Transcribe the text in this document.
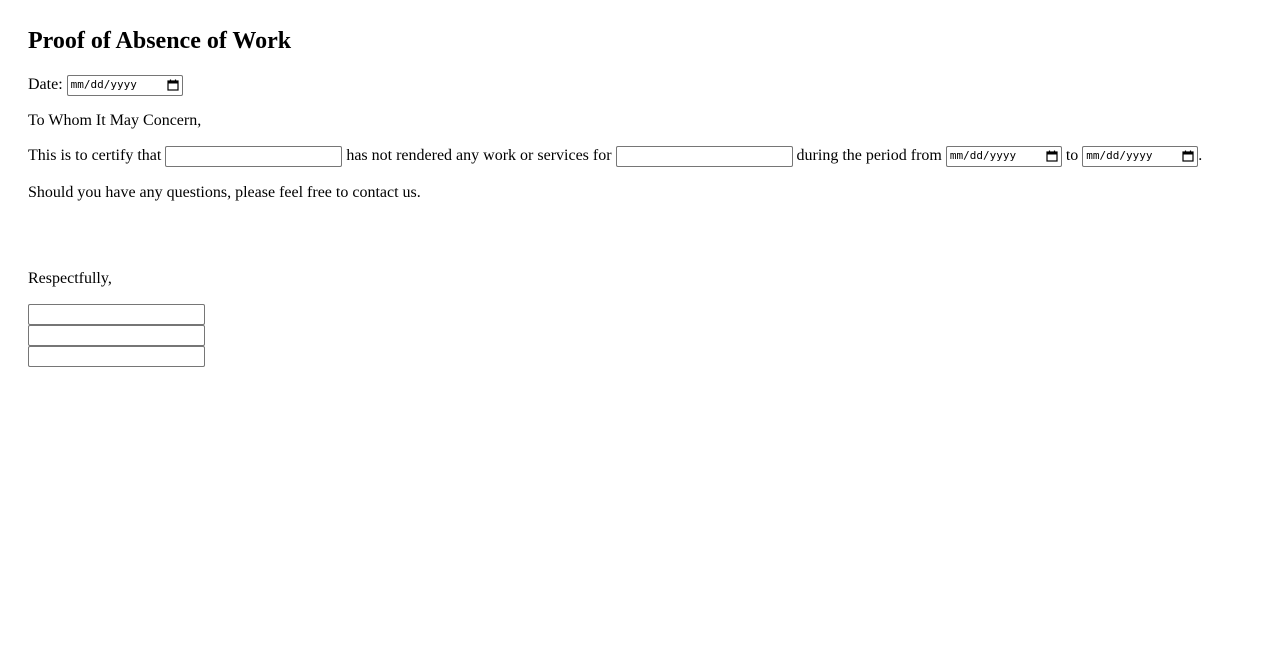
Proof of Absence of Work
Date: mm/dd/yyyy
To Whom It May Concern,
This is to certify that	has not rendered any work or services for	during the period from mm/dd/yyyy	to mm/dd/yyyy	.
Should you have any questions, please feel free to contact us.
Respectfully,
